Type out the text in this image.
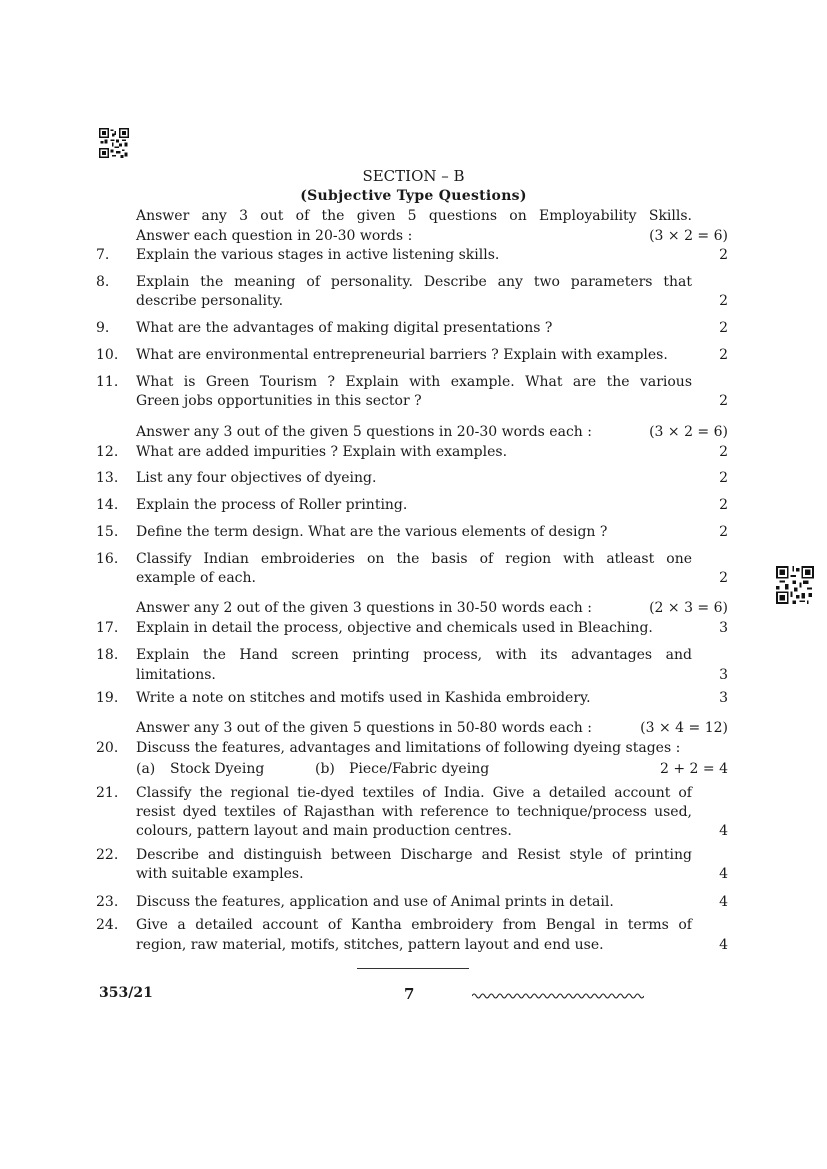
SECTION – B
(Subjective Type Questions)
Answer any 3 out of the given 5 questions on Employability Skills.
Answer each question in 20-30 words :	(3 × 2 = 6)
7.	Explain the various stages in active listening skills.	2
8.	Explain the meaning of personality. Describe any two parameters that
describe personality.	2
9.	What are the advantages of making digital presentations ?	2
10.	What are environmental entrepreneurial barriers ? Explain with examples.	2
11.	What is Green Tourism ? Explain with example. What are the various
Green jobs opportunities in this sector ?	2
Answer any 3 out of the given 5 questions in 20-30 words each :	(3 × 2 = 6)
12.	What are added impurities ? Explain with examples.	2
13.	List any four objectives of dyeing.	2
14.	Explain the process of Roller printing.	2
15.	Define the term design. What are the various elements of design ?	2
16.	Classify Indian embroideries on the basis of region with atleast one
example of each.	2
Answer any 2 out of the given 3 questions in 30-50 words each :	(2 × 3 = 6)
17.	Explain in detail the process, objective and chemicals used in Bleaching.	3
18.	Explain the Hand screen printing process, with its advantages and
limitations.	3
19.	Write a note on stitches and motifs used in Kashida embroidery.	3
Answer any 3 out of the given 5 questions in 50-80 words each :	(3 × 4 = 12)
20.	Discuss the features, advantages and limitations of following dyeing stages :
(a) Stock Dyeing	(b) Piece/Fabric dyeing	2 + 2 = 4
21.	Classify the regional tie-dyed textiles of India. Give a detailed account of
resist dyed textiles of Rajasthan with reference to technique/process used,
colours, pattern layout and main production centres.	4
22.	Describe and distinguish between Discharge and Resist style of printing
with suitable examples.	4
23.	Discuss the features, application and use of Animal prints in detail.	4
24.	Give a detailed account of Kantha embroidery from Bengal in terms of
region, raw material, motifs, stitches, pattern layout and end use.	4
353/21	7
